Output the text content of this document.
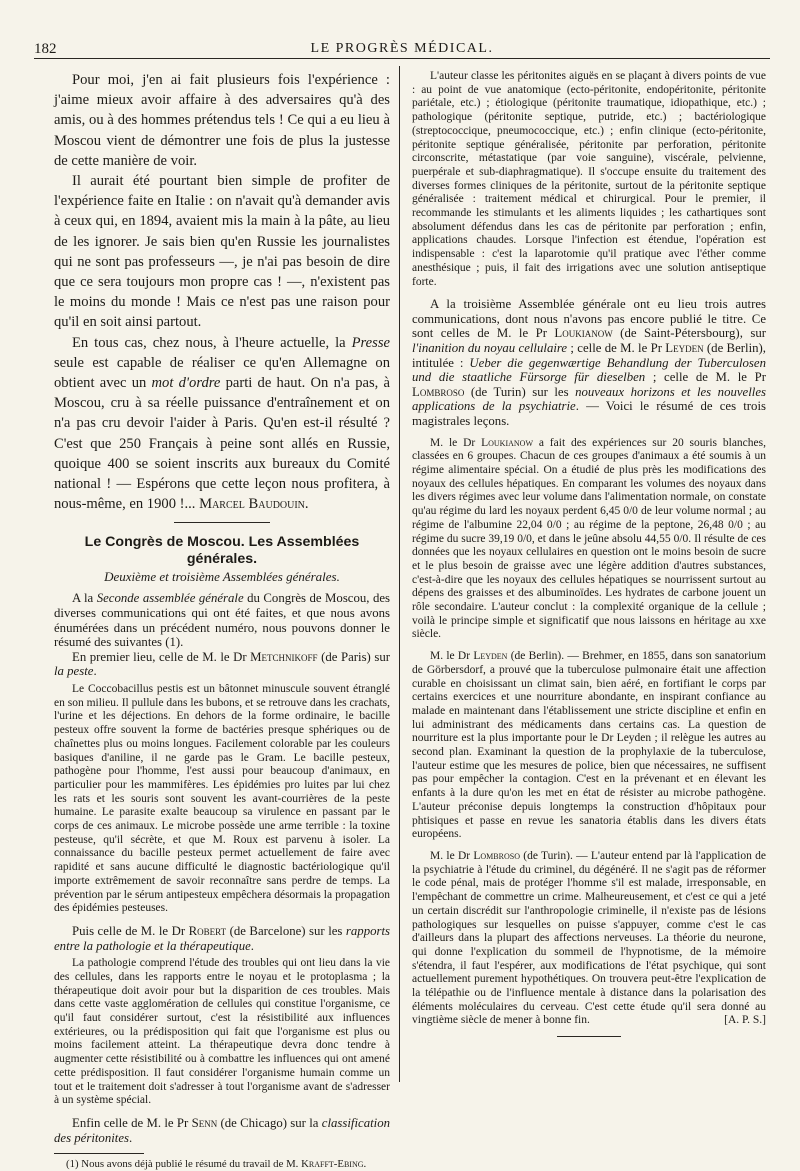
182	LE PROGRÈS MÉDICAL.

Pour moi, j'en ai fait plusieurs fois l'expérience : j'aime mieux avoir affaire à des adversaires qu'à des amis, ou à des hommes prétendus tels ! Ce qui a eu lieu à Moscou vient de démontrer une fois de plus la justesse de cette manière de voir.

Il aurait été pourtant bien simple de profiter de l'expérience faite en Italie : on n'avait qu'à demander avis à ceux qui, en 1894, avaient mis la main à la pâte, au lieu de les ignorer. Je sais bien qu'en Russie les journalistes qui ne sont pas professeurs —, je n'ai pas besoin de dire que ce sera toujours mon propre cas ! —, n'existent pas le moins du monde ! Mais ce n'est pas une raison pour qu'il en soit ainsi partout.

En tous cas, chez nous, à l'heure actuelle, la Presse seule est capable de réaliser ce qu'en Allemagne on obtient avec un mot d'ordre parti de haut. On n'a pas, à Moscou, cru à sa réelle puissance d'entraînement et on n'a pas cru devoir l'aider à Paris. Qu'en est-il résulté ? C'est que 250 Français à peine sont allés en Russie, quoique 400 se soient inscrits aux bureaux du Comité national ! — Espérons que cette leçon nous profitera, à nous-même, en 1900 !... Marcel Baudouin.

Le Congrès de Moscou. Les Assemblées générales.
Deuxième et troisième Assemblées générales.

A la Seconde assemblée générale du Congrès de Moscou, des diverses communications qui ont été faites, et que nous avons énumérées dans un précédent numéro, nous pouvons donner le résumé des suivantes (1).

En premier lieu, celle de M. le Dr Metchnikoff (de Paris) sur la peste.

Le Coccobacillus pestis est un bâtonnet minuscule souvent étranglé en son milieu. Il pullule dans les bubons, et se retrouve dans les crachats, l'urine et les déjections. En dehors de la forme ordinaire, le bacille pesteux offre souvent la forme de bactéries presque sphériques ou de chaînettes plus ou moins longues. Facilement colorable par les couleurs basiques d'aniline, il ne garde pas le Gram. Le bacille pesteux, pathogène pour l'homme, l'est aussi pour beaucoup d'animaux, en particulier pour les mammifères. Les épidémies pro luites par lui chez les rats et les souris sont souvent les avant-courrières de la peste humaine. Le parasite exalte beaucoup sa virulence en passant par le corps de ces animaux. Le microbe possède une arme terrible : la toxine pesteuse, qu'il sécrète, et que M. Roux est parvenu à isoler. La connaissance du bacille pesteux permet actuellement de faire avec rapidité et sans aucune difficulté le diagnostic bactériologique qu'il importe extrêmement de savoir reconnaître sans perdre de temps. La prévention par le sérum antipesteux empêchera désormais la propagation des épidémies pesteuses.

Puis celle de M. le Dr Robert (de Barcelone) sur les rapports entre la pathologie et la thérapeutique.

La pathologie comprend l'étude des troubles qui ont lieu dans la vie des cellules, dans les rapports entre le noyau et le protoplasma ; la thérapeutique doit avoir pour but la disparition de ces troubles. Mais dans cette vaste agglomération de cellules qui constitue l'organisme, ce qu'il faut considérer surtout, c'est la résistibilité aux influences extérieures, ou la prédisposition qui fait que l'organisme est plus ou moins facilement atteint. La thérapeutique devra donc tendre à augmenter cette résistibilité ou à combattre les influences qui ont amené cette prédisposition. Il faut considérer l'organisme humain comme un tout et le traitement doit s'adresser à tout l'organisme avant de s'adresser à un système spécial.

Enfin celle de M. le Pr Senn (de Chicago) sur la classification des péritonites.

(1) Nous avons déjà publié le résumé du travail de M. Krafft-Ebing.

L'auteur classe les péritonites aiguës en se plaçant à divers points de vue : au point de vue anatomique (ecto-péritonite, endopéritonite, péritonite pariétale, etc.) ; étiologique (péritonite traumatique, idiopathique, etc.) ; pathologique (péritonite septique, putride, etc.) ; bactériologique (streptococcique, pneumococcique, etc.) ; enfin clinique (ecto-péritonite, péritonite septique généralisée, péritonite par perforation, péritonite circonscrite, métastatique (par voie sanguine), viscérale, pelvienne, puerpérale et sub-diaphragmatique). Il s'occupe ensuite du traitement des diverses formes cliniques de la péritonite, surtout de la péritonite septique généralisée : traitement médical et chirurgical. Pour le premier, il recommande les stimulants et les aliments liquides ; les cathartiques sont absolument défendus dans les cas de péritonite par perforation ; enfin, applications chaudes. Lorsque l'infection est étendue, l'opération est indispensable : c'est la laparotomie qu'il pratique avec l'éther comme anesthésique ; puis, il fait des irrigations avec une solution antiseptique forte.

A la troisième Assemblée générale ont eu lieu trois autres communications, dont nous n'avons pas encore publié le titre. Ce sont celles de M. le Pr Loukianow (de Saint-Pétersbourg), sur l'inanition du noyau cellulaire ; celle de M. le Pr Leyden (de Berlin), intitulée : Ueber die gegenwærtige Behandlung der Tuberculosen und die staatliche Fürsorge für dieselben ; celle de M. le Pr Lombroso (de Turin) sur les nouveaux horizons et les nouvelles applications de la psychiatrie. — Voici le résumé de ces trois magistrales leçons.

M. le Dr Loukianow a fait des expériences sur 20 souris blanches, classées en 6 groupes. Chacun de ces groupes d'animaux a été soumis à un régime alimentaire spécial. On a étudié de plus près les modifications des noyaux des cellules hépatiques. En comparant les volumes des noyaux dans les divers régimes avec leur volume dans l'alimentation normale, on constate qu'au régime du lard les noyaux perdent 6,45 0/0 de leur volume normal ; au régime de l'albumine 22,04 0/0 ; au régime de la peptone, 26,48 0/0 ; au régime du sucre 39,19 0/0, et dans le jeûne absolu 44,55 0/0. Il résulte de ces données que les noyaux cellulaires en question ont le moins besoin de sucre et le plus besoin de graisse avec une légère addition d'autres substances, c'est-à-dire que les noyaux des cellules hépatiques se nourrissent surtout au dépens des graisses et des albuminoïdes. Les hydrates de carbone jouent un rôle secondaire. L'auteur conclut : la complexité organique de la cellule ; voilà le principe simple et significatif que nous laissons en héritage au xxe siècle.

M. le Dr Leyden (de Berlin). — Brehmer, en 1855, dans son sanatorium de Görbersdorf, a prouvé que la tuberculose pulmonaire était une affection curable en choisissant un climat sain, bien aéré, en fortifiant le corps par certains exercices et une nourriture abondante, en inspirant confiance au malade en maintenant dans l'établissement une stricte discipline et enfin en lui administrant des médicaments dans certains cas. La question de nourriture est la plus importante pour le Dr Leyden ; il relègue les autres au second plan. Examinant la question de la prophylaxie de la tuberculose, l'auteur estime que les mesures de police, bien que nécessaires, ne suffisent pas pour empêcher la contagion. C'est en la prévenant et en élevant les enfants à la dure qu'on les met en état de résister au microbe pathogène. L'auteur préconise depuis longtemps la construction d'hôpitaux pour phtisiques et passe en revue les sanatoria établis dans les divers états européens.

M. le Dr Lombroso (de Turin). — L'auteur entend par là l'application de la psychiatrie à l'étude du criminel, du dégénéré. Il ne s'agit pas de réformer le code pénal, mais de protéger l'homme s'il est malade, irresponsable, en l'empêchant de commettre un crime. Malheureusement, et c'est ce qui a jeté un certain discrédit sur l'anthropologie criminelle, il n'existe pas de lésions pathologiques sur lesquelles on puisse s'appuyer, comme c'est le cas d'ailleurs dans la plupart des affections nerveuses. La théorie du neurone, qui donne l'explication du sommeil de l'hypnotisme, de la mémoire s'étendra, il faut l'espérer, aux modifications de l'état psychique, qui sont actuellement purement hypothétiques. On trouvera peut-être l'explication de la télépathie ou de l'influence mentale à distance dans la polarisation des éléments moléculaires du cerveau. C'est cette étude qu'il sera donné au vingtième siècle de mener à bonne fin.	[A. P. S.]
